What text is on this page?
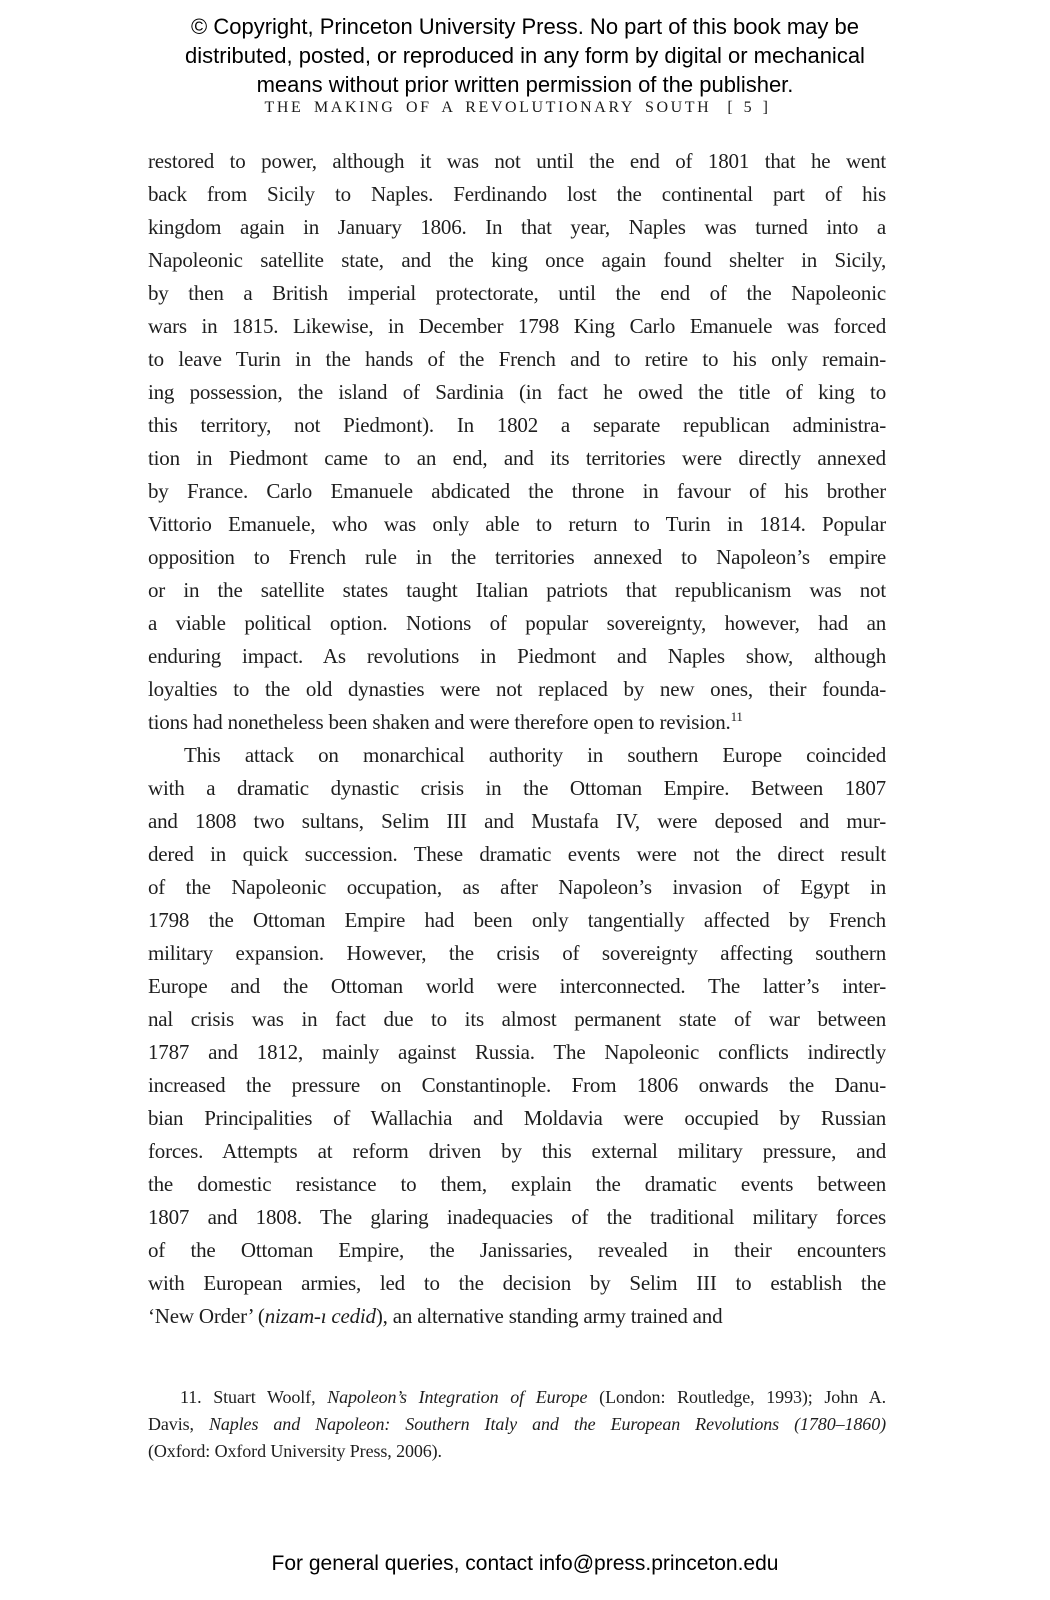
© Copyright, Princeton University Press. No part of this book may be
distributed, posted, or reproduced in any form by digital or mechanical
means without prior written permission of the publisher.
THE MAKING OF A REVOLUTIONARY SOUTH [ 5 ]
restored to power, although it was not until the end of 1801 that he went
back from Sicily to Naples. Ferdinando lost the continental part of his
kingdom again in January 1806. In that year, Naples was turned into a
Napoleonic satellite state, and the king once again found shelter in Sicily,
by then a British imperial protectorate, until the end of the Napoleonic
wars in 1815. Likewise, in December 1798 King Carlo Emanuele was forced
to leave Turin in the hands of the French and to retire to his only remain-
ing possession, the island of Sardinia (in fact he owed the title of king to
this territory, not Piedmont). In 1802 a separate republican administra-
tion in Piedmont came to an end, and its territories were directly annexed
by France. Carlo Emanuele abdicated the throne in favour of his brother
Vittorio Emanuele, who was only able to return to Turin in 1814. Popular
opposition to French rule in the territories annexed to Napoleon’s empire
or in the satellite states taught Italian patriots that republicanism was not
a viable political option. Notions of popular sovereignty, however, had an
enduring impact. As revolutions in Piedmont and Naples show, although
loyalties to the old dynasties were not replaced by new ones, their founda-
tions had nonetheless been shaken and were therefore open to revision.$^{11}$
This attack on monarchical authority in southern Europe coincided
with a dramatic dynastic crisis in the Ottoman Empire. Between 1807
and 1808 two sultans, Selim III and Mustafa IV, were deposed and mur-
dered in quick succession. These dramatic events were not the direct result
of the Napoleonic occupation, as after Napoleon’s invasion of Egypt in
1798 the Ottoman Empire had been only tangentially affected by French
military expansion. However, the crisis of sovereignty affecting southern
Europe and the Ottoman world were interconnected. The latter’s inter-
nal crisis was in fact due to its almost permanent state of war between
1787 and 1812, mainly against Russia. The Napoleonic conflicts indirectly
increased the pressure on Constantinople. From 1806 onwards the Danu-
bian Principalities of Wallachia and Moldavia were occupied by Russian
forces. Attempts at reform driven by this external military pressure, and
the domestic resistance to them, explain the dramatic events between
1807 and 1808. The glaring inadequacies of the traditional military forces
of the Ottoman Empire, the Janissaries, revealed in their encounters
with European armies, led to the decision by Selim III to establish the
‘New Order’ (nizam-ı cedid), an alternative standing army trained and
11. Stuart Woolf, Napoleon’s Integration of Europe (London: Routledge, 1993); John A.
Davis, Naples and Napoleon: Southern Italy and the European Revolutions (1780–1860)
(Oxford: Oxford University Press, 2006).
For general queries, contact info@press.princeton.edu
